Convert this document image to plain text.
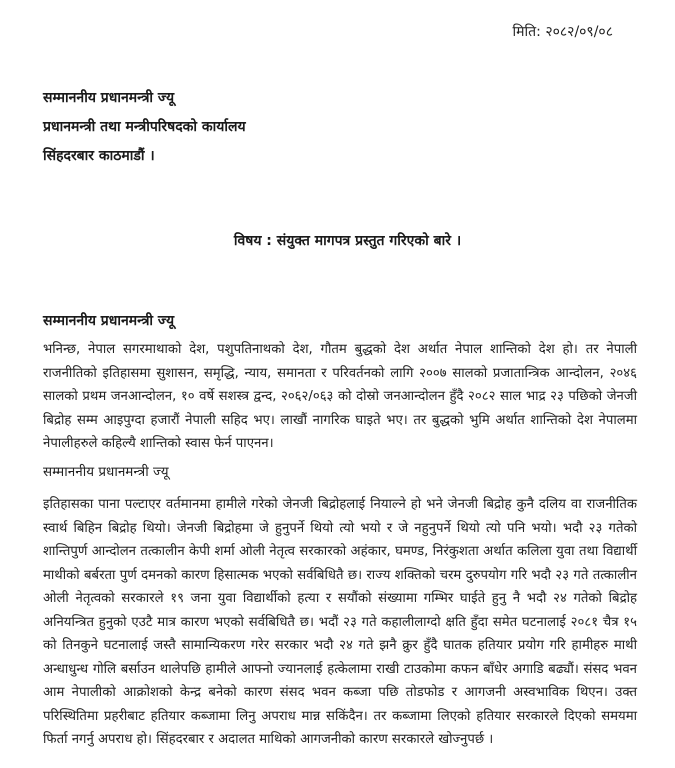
मिति: २०८२/०९/०८
सम्माननीय प्रधानमन्त्री ज्यू
प्रधानमन्त्री तथा मन्त्रीपरिषदको कार्यालय
सिंहदरबार काठमाडौं ।
विषय : संयुक्त मागपत्र प्रस्तुत गरिएको बारे ।
सम्माननीय प्रधानमन्त्री ज्यू
भनिन्छ, नेपाल सगरमाथाको देश, पशुपतिनाथको देश, गौतम बुद्धको देश अर्थात नेपाल शान्तिको देश हो। तर नेपाली राजनीतिको इतिहासमा सुशासन, समृद्धि, न्याय, समानता र परिवर्तनको लागि २००७ सालको प्रजातान्त्रिक आन्दोलन, २०४६ सालको प्रथम जनआन्दोलन, १० वर्षे सशस्त्र द्वन्द, २०६२/०६३ को दोस्रो जनआन्दोलन हुँदै २०८२ साल भाद्र २३ पछिको जेनजी बिद्रोह सम्म आइपुग्दा हजारौं नेपाली सहिद भए। लाखौं नागरिक घाइते भए। तर बुद्धको भुमि अर्थात शान्तिको देश नेपालमा नेपालीहरुले कहिल्यै शान्तिको स्वास फेर्न पाएनन।
सम्माननीय प्रधानमन्त्री ज्यू
इतिहासका पाना पल्टाएर वर्तमानमा हामीले गरेको जेनजी बिद्रोहलाई नियाल्ने हो भने जेनजी बिद्रोह कुनै दलिय वा राजनीतिक स्वार्थ बिहिन बिद्रोह थियो। जेनजी बिद्रोहमा जे हुनुपर्ने थियो त्यो भयो र जे नहुनुपर्ने थियो त्यो पनि भयो। भदौ २३ गतेको शान्तिपुर्ण आन्दोलन तत्कालीन केपी शर्मा ओली नेतृत्व सरकारको अहंकार, घमण्ड, निरंकुशता अर्थात कलिला युवा तथा विद्यार्थी माथीको बर्बरता पुर्ण दमनको कारण हिसात्मक भएको सर्वबिधितै छ। राज्य शक्तिको चरम दुरुपयोग गरि भदौ २३ गते तत्कालीन ओली नेतृत्वको सरकारले १९ जना युवा विद्यार्थीको हत्या र सयौंको संख्यामा गम्भिर घाईते हुनु नै भदौ २४ गतेको बिद्रोह अनियन्त्रित हुनुको एउटै मात्र कारण भएको सर्वबिधितै छ। भदौं २३ गते कहालीलाग्दो क्षति हुँदा समेत घटनालाई २०८१ चैत्र १५ को तिनकुने घटनालाई जस्तै सामान्यिकरण गरेर सरकार भदौ २४ गते झनै क्रुर हुँदै घातक हतियार प्रयोग गरि हामीहरु माथी अन्धाधुन्ध गोलि बर्साउन थालेपछि हामीले आफ्नो ज्यानलाई हत्केलामा राखी टाउकोमा कफन बाँधेर अगाडि बढ्यौं। संसद भवन आम नेपालीको आक्रोशको केन्द्र बनेको कारण संसद भवन कब्जा पछि तोडफोड र आगजनी अस्वभाविक थिएन। उक्त परिस्थितिमा प्रहरीबाट हतियार कब्जामा लिनु अपराध मान्न सकिंदैन। तर कब्जामा लिएको हतियार सरकारले दिएको समयमा फिर्ता नगर्नु अपराध हो। सिंहदरबार र अदालत माथिको आगजनीको कारण सरकारले खोज्नुपर्छ ।
